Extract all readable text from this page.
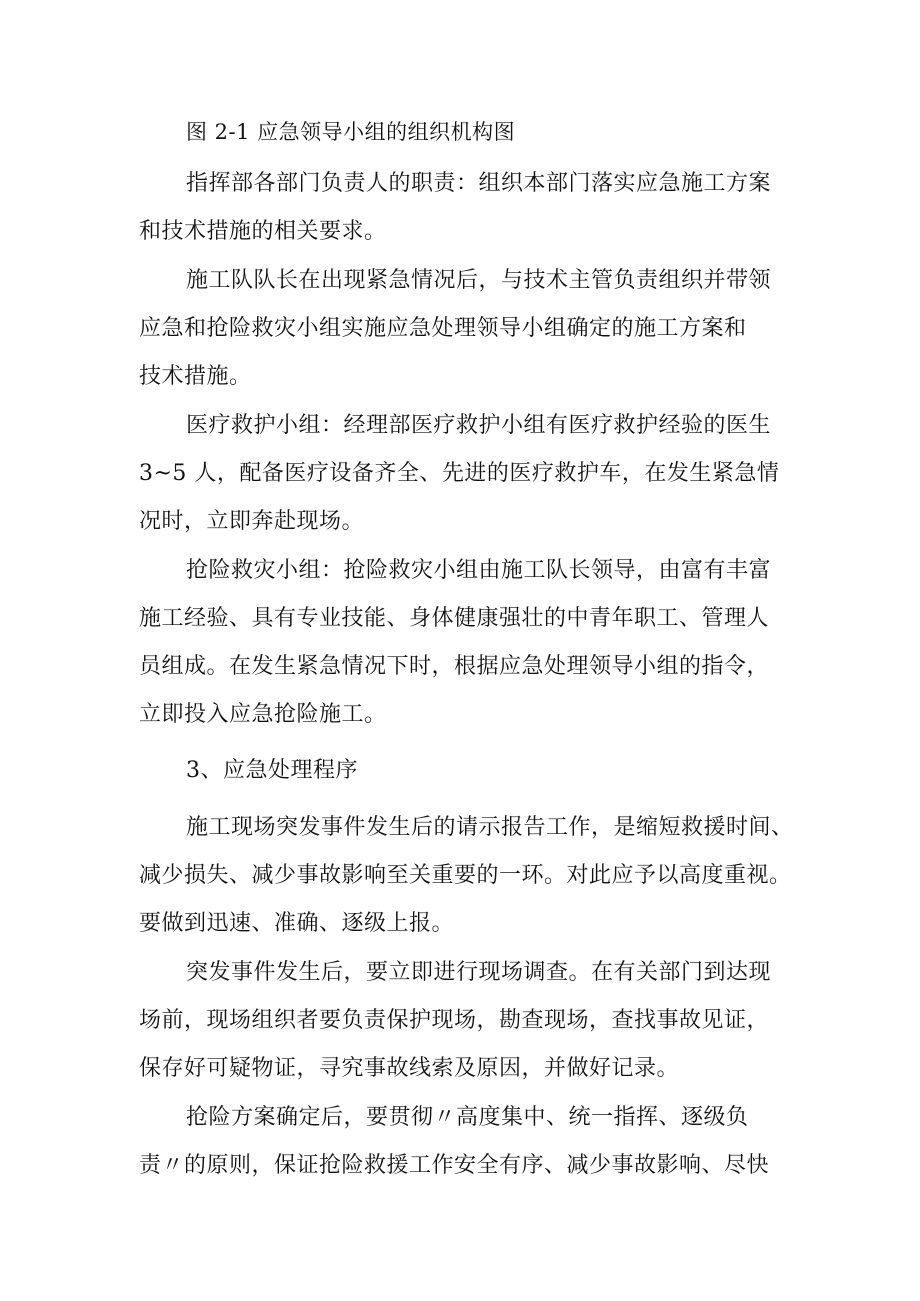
图 2-1 应急领导小组的组织机构图
指挥部各部门负责人的职责：组织本部门落实应急施工方案
和技术措施的相关要求。
施工队队长在出现紧急情况后，与技术主管负责组织并带领
应急和抢险救灾小组实施应急处理领导小组确定的施工方案和
技术措施。
医疗救护小组：经理部医疗救护小组有医疗救护经验的医生
3~5 人，配备医疗设备齐全、先进的医疗救护车，在发生紧急情
况时，立即奔赴现场。
抢险救灾小组：抢险救灾小组由施工队长领导，由富有丰富
施工经验、具有专业技能、身体健康强壮的中青年职工、管理人
员组成。在发生紧急情况下时，根据应急处理领导小组的指令，
立即投入应急抢险施工。
3、应急处理程序
施工现场突发事件发生后的请示报告工作，是缩短救援时间、
减少损失、减少事故影响至关重要的一环。对此应予以高度重视。
要做到迅速、准确、逐级上报。
突发事件发生后，要立即进行现场调查。在有关部门到达现
场前，现场组织者要负责保护现场，勘查现场，查找事故见证，
保存好可疑物证，寻究事故线索及原因，并做好记录。
抢险方案确定后，要贯彻〃高度集中、统一指挥、逐级负
责〃的原则，保证抢险救援工作安全有序、减少事故影响、尽快
